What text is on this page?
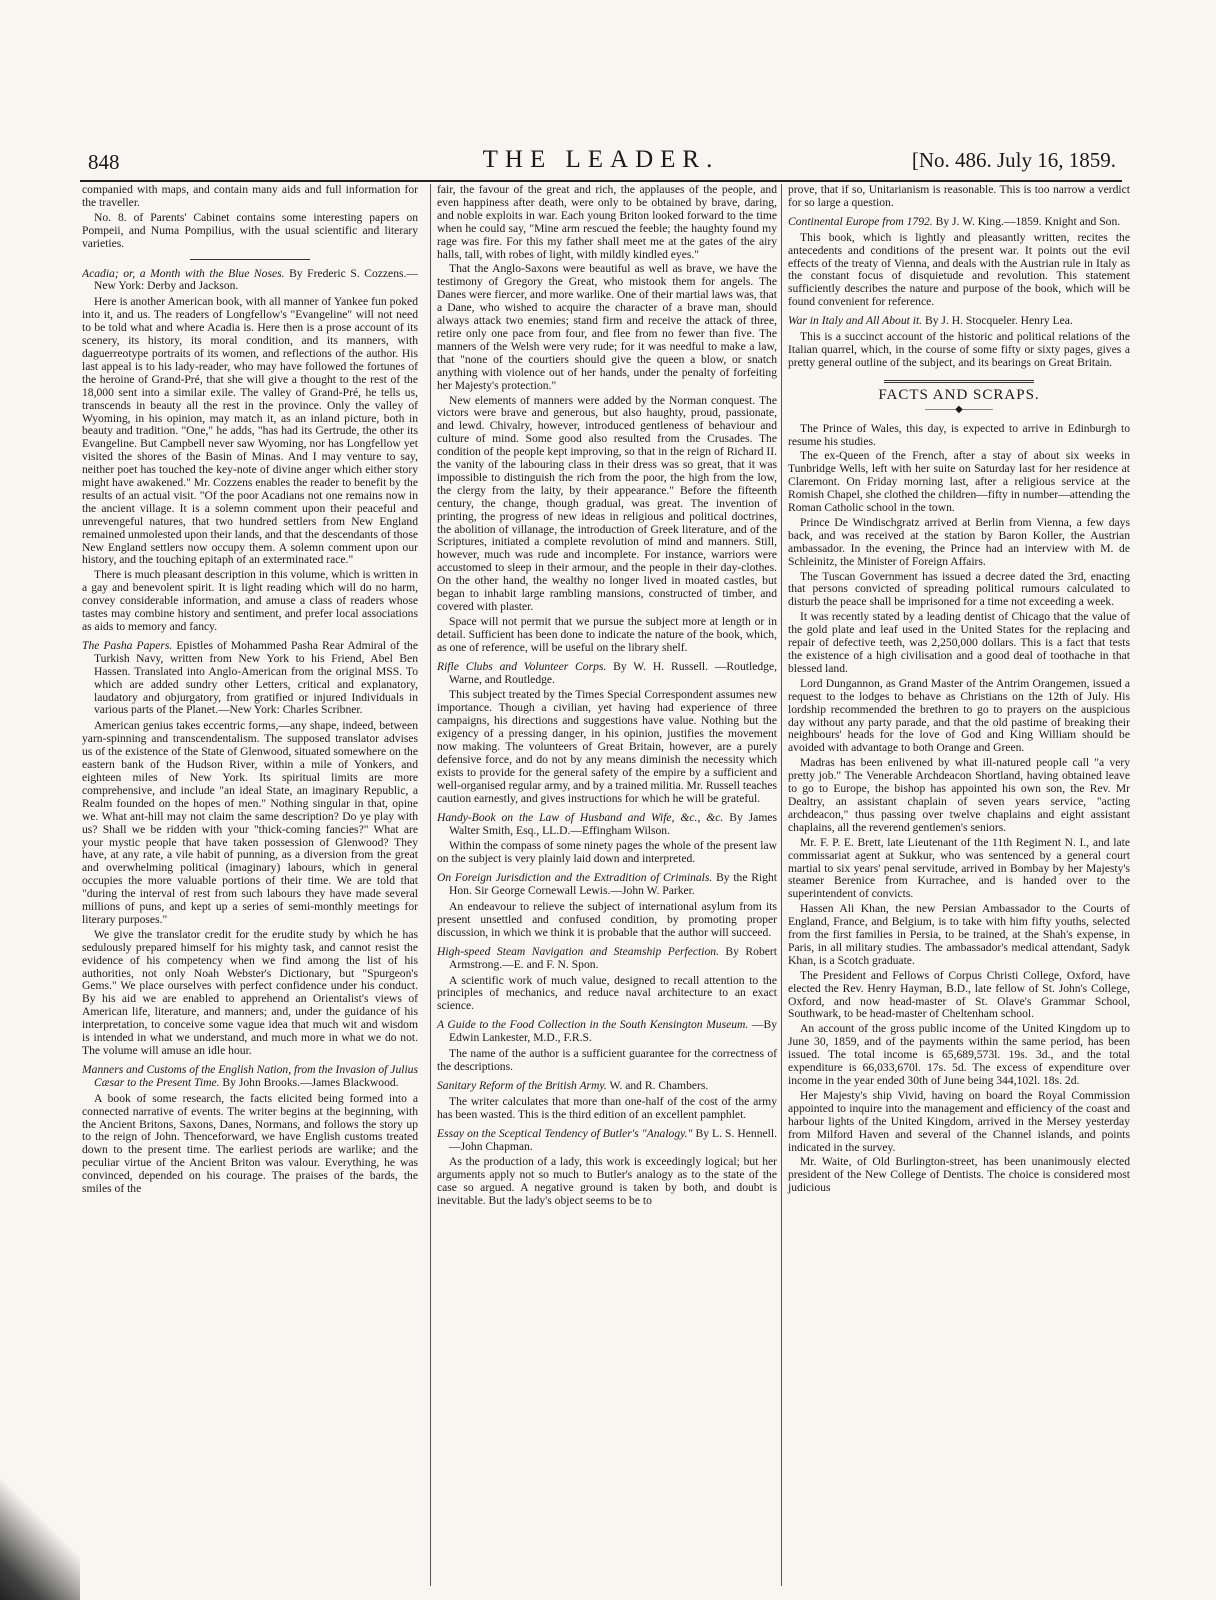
848	THE LEADER.	[No. 486. July 16, 1859.

companied with maps, and contain many aids and full information for the traveller.

No. 8. of Parents' Cabinet contains some interesting papers on Pompeii, and Numa Pompilius, with the usual scientific and literary varieties.

Acadia; or, a Month with the Blue Noses. By Frederic S. Cozzens.—New York: Derby and Jackson.

Here is another American book, with all manner of Yankee fun poked into it, and us. The readers of Longfellow's "Evangeline" will not need to be told what and where Acadia is. Here then is a prose account of its scenery, its history, its moral condition, and its manners, with daguerreotype portraits of its women, and reflections of the author. His last appeal is to his lady-reader, who may have followed the fortunes of the heroine of Grand-Pré, that she will give a thought to the rest of the 18,000 sent into a similar exile. The valley of Grand-Pré, he tells us, transcends in beauty all the rest in the province. Only the valley of Wyoming, in his opinion, may match it, as an inland picture, both in beauty and tradition. "One," he adds, "has had its Gertrude, the other its Evangeline. But Campbell never saw Wyoming, nor has Longfellow yet visited the shores of the Basin of Minas. And I may venture to say, neither poet has touched the key-note of divine anger which either story might have awakened." Mr. Cozzens enables the reader to benefit by the results of an actual visit. "Of the poor Acadians not one remains now in the ancient village. It is a solemn comment upon their peaceful and unrevengeful natures, that two hundred settlers from New England remained unmolested upon their lands, and that the descendants of those New England settlers now occupy them. A solemn comment upon our history, and the touching epitaph of an exterminated race."

There is much pleasant description in this volume, which is written in a gay and benevolent spirit. It is light reading which will do no harm, convey considerable information, and amuse a class of readers whose tastes may combine history and sentiment, and prefer local associations as aids to memory and fancy.

The Pasha Papers. Epistles of Mohammed Pasha Rear Admiral of the Turkish Navy, written from New York to his Friend, Abel Ben Hassen. Translated into Anglo-American from the original MSS. To which are added sundry other Letters, critical and explanatory, laudatory and objurgatory, from gratified or injured Individuals in various parts of the Planet.—New York: Charles Scribner.

American genius takes eccentric forms,—any shape, indeed, between yarn-spinning and transcendentalism. The supposed translator advises us of the existence of the State of Glenwood, situated somewhere on the eastern bank of the Hudson River, within a mile of Yonkers, and eighteen miles of New York. Its spiritual limits are more comprehensive, and include "an ideal State, an imaginary Republic, a Realm founded on the hopes of men." Nothing singular in that, opine we. What ant-hill may not claim the same description? Do ye play with us? Shall we be ridden with your "thick-coming fancies?" What are your mystic people that have taken possession of Glenwood? They have, at any rate, a vile habit of punning, as a diversion from the great and overwhelming political (imaginary) labours, which in general occupies the more valuable portions of their time. We are told that "during the interval of rest from such labours they have made several millions of puns, and kept up a series of semi-monthly meetings for literary purposes."

We give the translator credit for the erudite study by which he has sedulously prepared himself for his mighty task, and cannot resist the evidence of his competency when we find among the list of his authorities, not only Noah Webster's Dictionary, but "Spurgeon's Gems." We place ourselves with perfect confidence under his conduct. By his aid we are enabled to apprehend an Orientalist's views of American life, literature, and manners; and, under the guidance of his interpretation, to conceive some vague idea that much wit and wisdom is intended in what we understand, and much more in what we do not. The volume will amuse an idle hour.

Manners and Customs of the English Nation, from the Invasion of Julius Cæsar to the Present Time. By John Brooks.—James Blackwood.

A book of some research, the facts elicited being formed into a connected narrative of events. The writer begins at the beginning, with the Ancient Britons, Saxons, Danes, Normans, and follows the story up to the reign of John. Thenceforward, we have English customs treated down to the present time. The earliest periods are warlike; and the peculiar virtue of the Ancient Briton was valour. Everything, he was convinced, depended on his courage. The praises of the bards, the smiles of the

fair, the favour of the great and rich, the applauses of the people, and even happiness after death, were only to be obtained by brave, daring, and noble exploits in war. Each young Briton looked forward to the time when he could say, "Mine arm rescued the feeble; the haughty found my rage was fire. For this my father shall meet me at the gates of the airy halls, tall, with robes of light, with mildly kindled eyes."

That the Anglo-Saxons were beautiful as well as brave, we have the testimony of Gregory the Great, who mistook them for angels. The Danes were fiercer, and more warlike. One of their martial laws was, that a Dane, who wished to acquire the character of a brave man, should always attack two enemies; stand firm and receive the attack of three, retire only one pace from four, and flee from no fewer than five. The manners of the Welsh were very rude; for it was needful to make a law, that "none of the courtiers should give the queen a blow, or snatch anything with violence out of her hands, under the penalty of forfeiting her Majesty's protection."

New elements of manners were added by the Norman conquest. The victors were brave and generous, but also haughty, proud, passionate, and lewd. Chivalry, however, introduced gentleness of behaviour and culture of mind. Some good also resulted from the Crusades. The condition of the people kept improving, so that in the reign of Richard II. the vanity of the labouring class in their dress was so great, that it was impossible to distinguish the rich from the poor, the high from the low, the clergy from the laity, by their appearance." Before the fifteenth century, the change, though gradual, was great. The invention of printing, the progress of new ideas in religious and political doctrines, the abolition of villanage, the introduction of Greek literature, and of the Scriptures, initiated a complete revolution of mind and manners. Still, however, much was rude and incomplete. For instance, warriors were accustomed to sleep in their armour, and the people in their day-clothes. On the other hand, the wealthy no longer lived in moated castles, but began to inhabit large rambling mansions, constructed of timber, and covered with plaster.

Space will not permit that we pursue the subject more at length or in detail. Sufficient has been done to indicate the nature of the book, which, as one of reference, will be useful on the library shelf.

Rifle Clubs and Volunteer Corps. By W. H. Russell. —Routledge, Warne, and Routledge.

This subject treated by the Times Special Correspondent assumes new importance. Though a civilian, yet having had experience of three campaigns, his directions and suggestions have value. Nothing but the exigency of a pressing danger, in his opinion, justifies the movement now making. The volunteers of Great Britain, however, are a purely defensive force, and do not by any means diminish the necessity which exists to provide for the general safety of the empire by a sufficient and well-organised regular army, and by a trained militia. Mr. Russell teaches caution earnestly, and gives instructions for which he will be grateful.

Handy-Book on the Law of Husband and Wife, &c., &c. By James Walter Smith, Esq., LL.D.—Effingham Wilson.

Within the compass of some ninety pages the whole of the present law on the subject is very plainly laid down and interpreted.

On Foreign Jurisdiction and the Extradition of Criminals. By the Right Hon. Sir George Cornewall Lewis.—John W. Parker.

An endeavour to relieve the subject of international asylum from its present unsettled and confused condition, by promoting proper discussion, in which we think it is probable that the author will succeed.

High-speed Steam Navigation and Steamship Perfection. By Robert Armstrong.—E. and F. N. Spon.

A scientific work of much value, designed to recall attention to the principles of mechanics, and reduce naval architecture to an exact science.

A Guide to the Food Collection in the South Kensington Museum. —By Edwin Lankester, M.D., F.R.S.

The name of the author is a sufficient guarantee for the correctness of the descriptions.

Sanitary Reform of the British Army. W. and R. Chambers.

The writer calculates that more than one-half of the cost of the army has been wasted. This is the third edition of an excellent pamphlet.

Essay on the Sceptical Tendency of Butler's "Analogy." By L. S. Hennell.—John Chapman.

As the production of a lady, this work is exceedingly logical; but her arguments apply not so much to Butler's analogy as to the state of the case so argued. A negative ground is taken by both, and doubt is inevitable. But the lady's object seems to be to

prove, that if so, Unitarianism is reasonable. This is too narrow a verdict for so large a question.

Continental Europe from 1792. By J. W. King.—1859. Knight and Son.

This book, which is lightly and pleasantly written, recites the antecedents and conditions of the present war. It points out the evil effects of the treaty of Vienna, and deals with the Austrian rule in Italy as the constant focus of disquietude and revolution. This statement sufficiently describes the nature and purpose of the book, which will be found convenient for reference.

War in Italy and All About it. By J. H. Stocqueler. Henry Lea.

This is a succinct account of the historic and political relations of the Italian quarrel, which, in the course of some fifty or sixty pages, gives a pretty general outline of the subject, and its bearings on Great Britain.

FACTS AND SCRAPS.
———◆———

The Prince of Wales, this day, is expected to arrive in Edinburgh to resume his studies.

The ex-Queen of the French, after a stay of about six weeks in Tunbridge Wells, left with her suite on Saturday last for her residence at Claremont. On Friday morning last, after a religious service at the Romish Chapel, she clothed the children—fifty in number—attending the Roman Catholic school in the town.

Prince De Windischgratz arrived at Berlin from Vienna, a few days back, and was received at the station by Baron Koller, the Austrian ambassador. In the evening, the Prince had an interview with M. de Schleinitz, the Minister of Foreign Affairs.

The Tuscan Government has issued a decree dated the 3rd, enacting that persons convicted of spreading political rumours calculated to disturb the peace shall be imprisoned for a time not exceeding a week.

It was recently stated by a leading dentist of Chicago that the value of the gold plate and leaf used in the United States for the replacing and repair of defective teeth, was 2,250,000 dollars. This is a fact that tests the existence of a high civilisation and a good deal of toothache in that blessed land.

Lord Dungannon, as Grand Master of the Antrim Orangemen, issued a request to the lodges to behave as Christians on the 12th of July. His lordship recommended the brethren to go to prayers on the auspicious day without any party parade, and that the old pastime of breaking their neighbours' heads for the love of God and King William should be avoided with advantage to both Orange and Green.

Madras has been enlivened by what ill-natured people call "a very pretty job." The Venerable Archdeacon Shortland, having obtained leave to go to Europe, the bishop has appointed his own son, the Rev. Mr Dealtry, an assistant chaplain of seven years service, "acting archdeacon," thus passing over twelve chaplains and eight assistant chaplains, all the reverend gentlemen's seniors.

Mr. F. P. E. Brett, late Lieutenant of the 11th Regiment N. I., and late commissariat agent at Sukkur, who was sentenced by a general court martial to six years' penal servitude, arrived in Bombay by her Majesty's steamer Berenice from Kurrachee, and is handed over to the superintendent of convicts.

Hassen Ali Khan, the new Persian Ambassador to the Courts of England, France, and Belgium, is to take with him fifty youths, selected from the first families in Persia, to be trained, at the Shah's expense, in Paris, in all military studies. The ambassador's medical attendant, Sadyk Khan, is a Scotch graduate.

The President and Fellows of Corpus Christi College, Oxford, have elected the Rev. Henry Hayman, B.D., late fellow of St. John's College, Oxford, and now head-master of St. Olave's Grammar School, Southwark, to be head-master of Cheltenham school.

An account of the gross public income of the United Kingdom up to June 30, 1859, and of the payments within the same period, has been issued. The total income is 65,689,573l. 19s. 3d., and the total expenditure is 66,033,670l. 17s. 5d. The excess of expenditure over income in the year ended 30th of June being 344,102l. 18s. 2d.

Her Majesty's ship Vivid, having on board the Royal Commission appointed to inquire into the management and efficiency of the coast and harbour lights of the United Kingdom, arrived in the Mersey yesterday from Milford Haven and several of the Channel islands, and points indicated in the survey.

Mr. Waite, of Old Burlington-street, has been unanimously elected president of the New College of Dentists. The choice is considered most judicious
